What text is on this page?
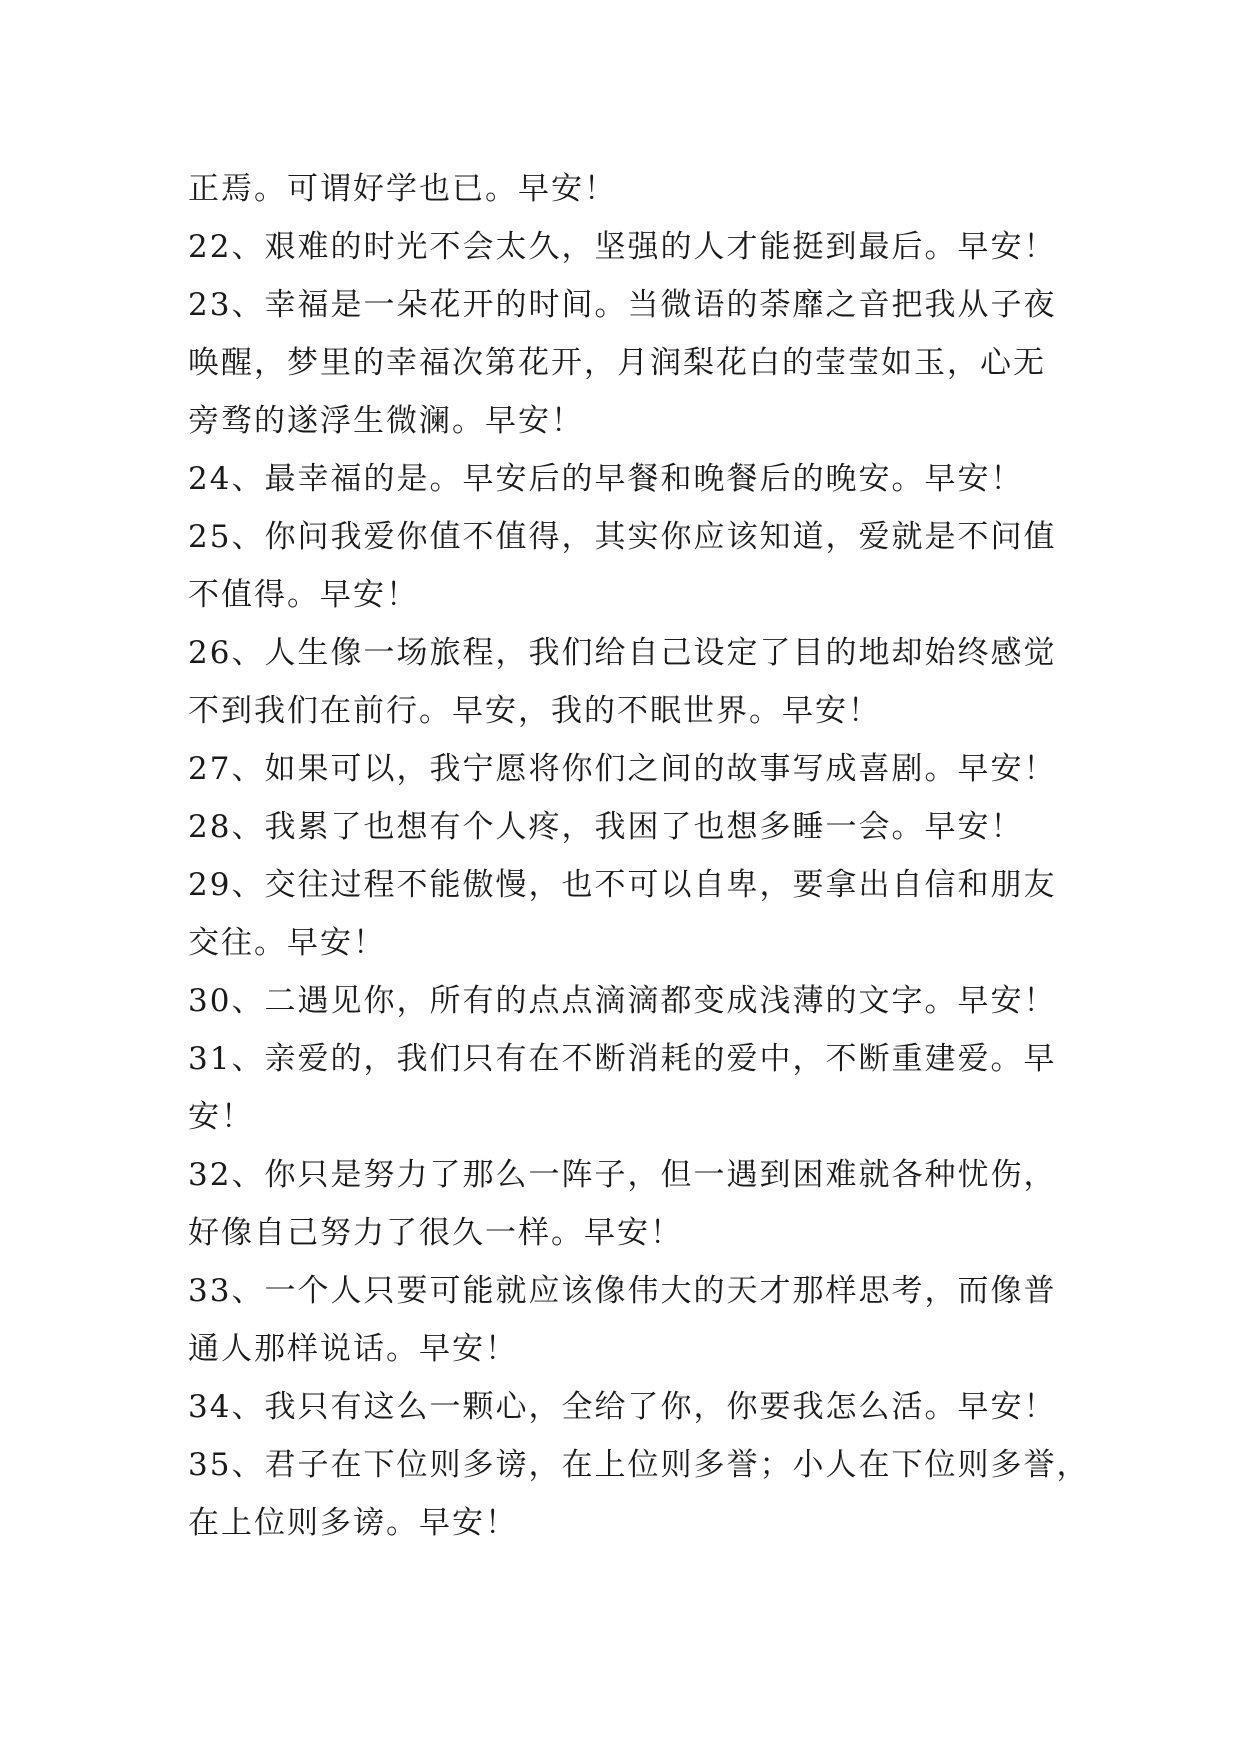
正焉。可谓好学也已。早安！
22、艰难的时光不会太久，坚强的人才能挺到最后。早安！
23、幸福是一朵花开的时间。当微语的荼靡之音把我从子夜
唤醒，梦里的幸福次第花开，月润梨花白的莹莹如玉，心无
旁骛的遂浮生微澜。早安！
24、最幸福的是。早安后的早餐和晚餐后的晚安。早安！
25、你问我爱你值不值得，其实你应该知道，爱就是不问值
不值得。早安！
26、人生像一场旅程，我们给自己设定了目的地却始终感觉
不到我们在前行。早安，我的不眠世界。早安！
27、如果可以，我宁愿将你们之间的故事写成喜剧。早安！
28、我累了也想有个人疼，我困了也想多睡一会。早安！
29、交往过程不能傲慢，也不可以自卑，要拿出自信和朋友
交往。早安！
30、二遇见你，所有的点点滴滴都变成浅薄的文字。早安！
31、亲爱的，我们只有在不断消耗的爱中，不断重建爱。早
安！
32、你只是努力了那么一阵子，但一遇到困难就各种忧伤，
好像自己努力了很久一样。早安！
33、一个人只要可能就应该像伟大的天才那样思考，而像普
通人那样说话。早安！
34、我只有这么一颗心，全给了你，你要我怎么活。早安！
35、君子在下位则多谤，在上位则多誉；小人在下位则多誉，
在上位则多谤。早安！
